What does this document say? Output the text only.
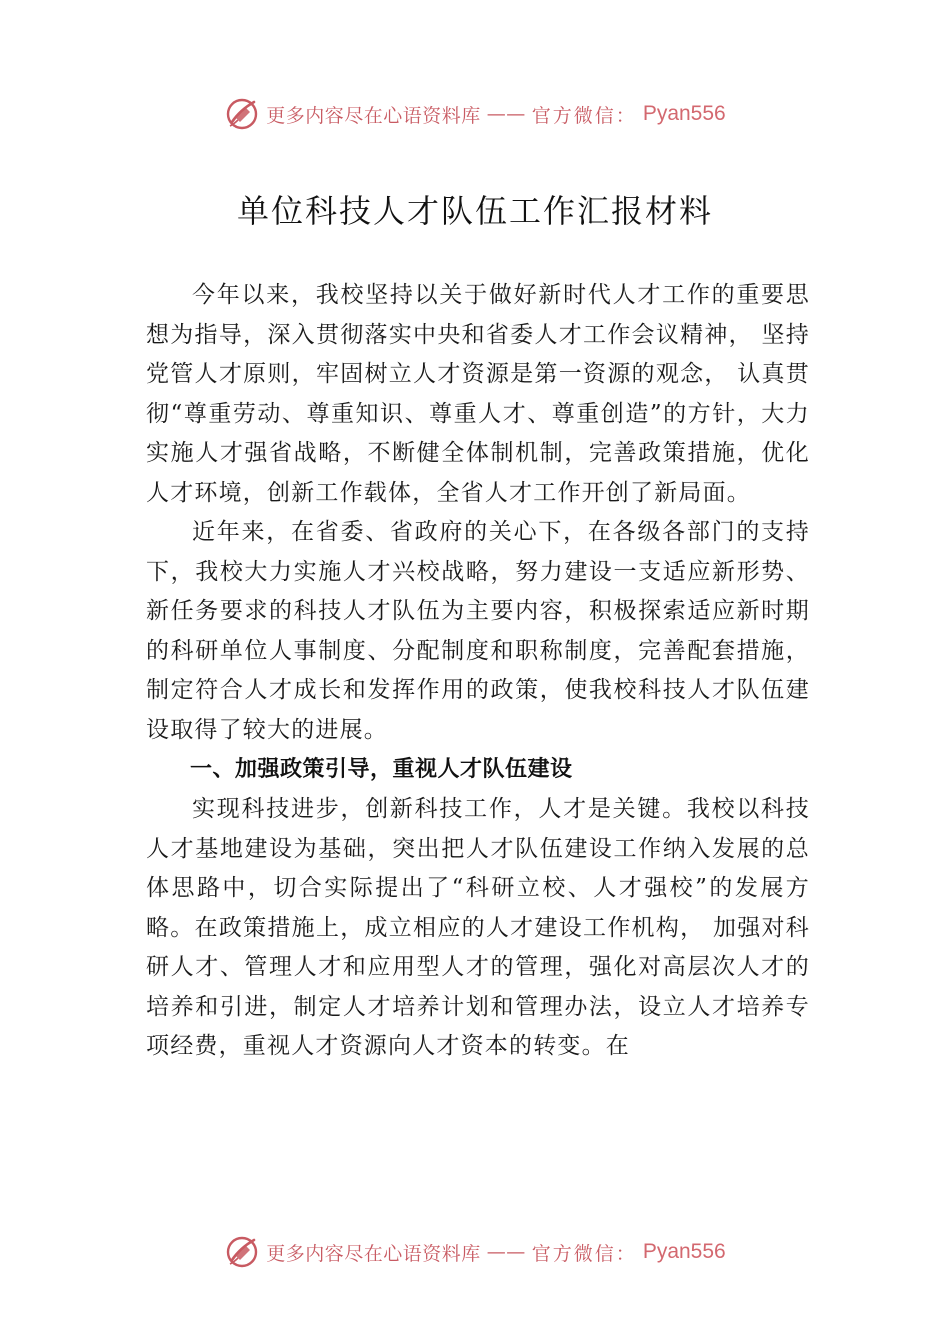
更多内容尽在心语资料库 —— 官方微信： Pyan556
单位科技人才队伍工作汇报材料

今年以来，我校坚持以关于做好新时代人才工作的重要思想为指导，深入贯彻落实中央和省委人才工作会议精神， 坚持党管人才原则，牢固树立人才资源是第一资源的观念， 认真贯彻“尊重劳动、尊重知识、尊重人才、尊重创造”的方针，大力实施人才强省战略，不断健全体制机制，完善政策措施，优化人才环境，创新工作载体，全省人才工作开创了新局面。

近年来，在省委、省政府的关心下，在各级各部门的支持下，我校大力实施人才兴校战略，努力建设一支适应新形势、新任务要求的科技人才队伍为主要内容，积极探索适应新时期的科研单位人事制度、分配制度和职称制度，完善配套措施，制定符合人才成长和发挥作用的政策，使我校科技人才队伍建设取得了较大的进展。

一、加强政策引导，重视人才队伍建设

实现科技进步，创新科技工作，人才是关键。我校以科技人才基地建设为基础，突出把人才队伍建设工作纳入发展的总体思路中，切合实际提出了“科研立校、人才强校”的发展方略。在政策措施上，成立相应的人才建设工作机构， 加强对科研人才、管理人才和应用型人才的管理，强化对高层次人才的培养和引进，制定人才培养计划和管理办法，设立人才培养专项经费，重视人才资源向人才资本的转变。在

更多内容尽在心语资料库 —— 官方微信： Pyan556
